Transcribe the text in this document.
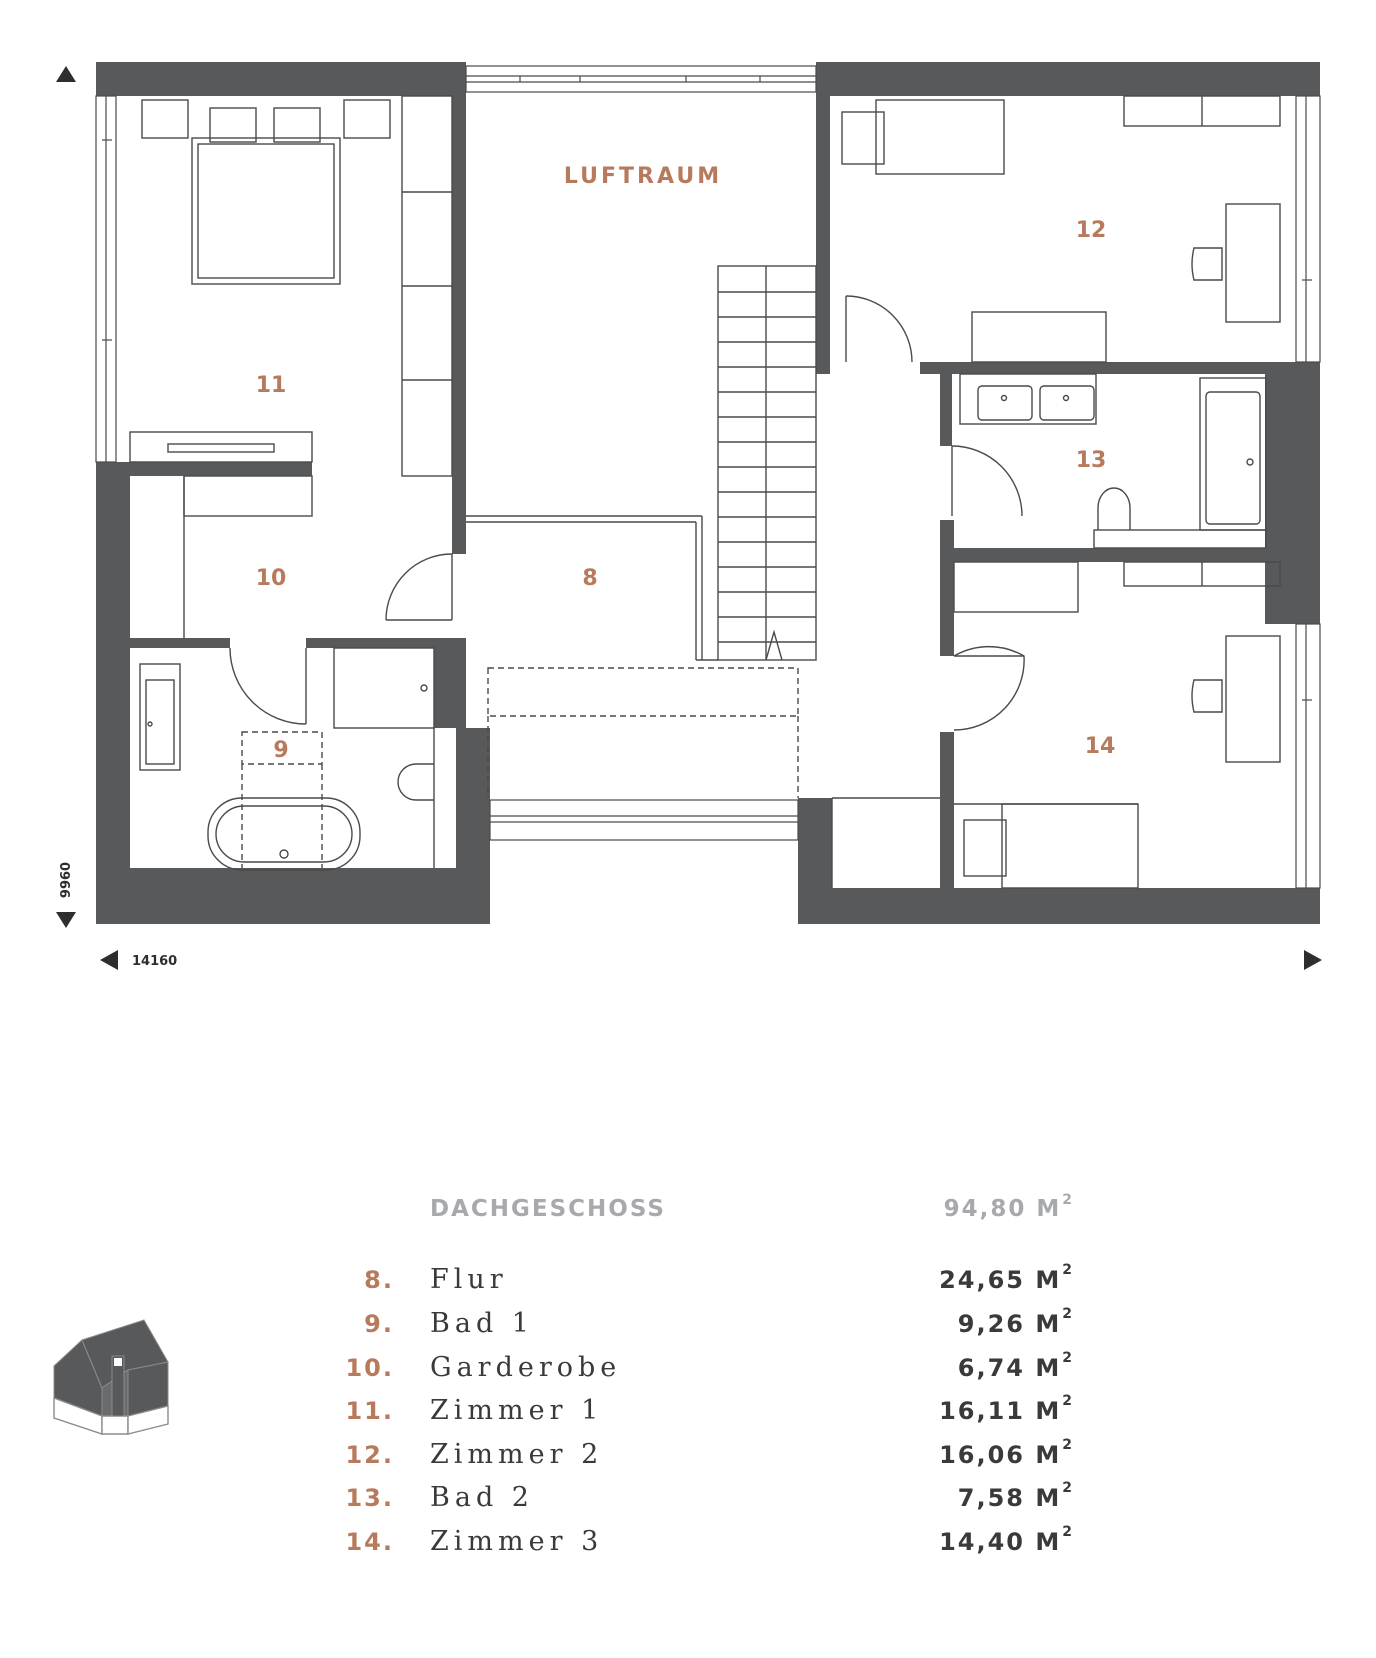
LUFTRAUM
8
9
10
11
12
13
14
9960
14160
DACHGESCHOSS	94,80 $M^2$
8. Flur	24,65 $M^2$
9. Bad 1	9,26 $M^2$
10. Garderobe	6,74 $M^2$
11. Zimmer 1	16,11 $M^2$
12. Zimmer 2	16,06 $M^2$
13. Bad 2	7,58 $M^2$
14. Zimmer 3	14,40 $M^2$
